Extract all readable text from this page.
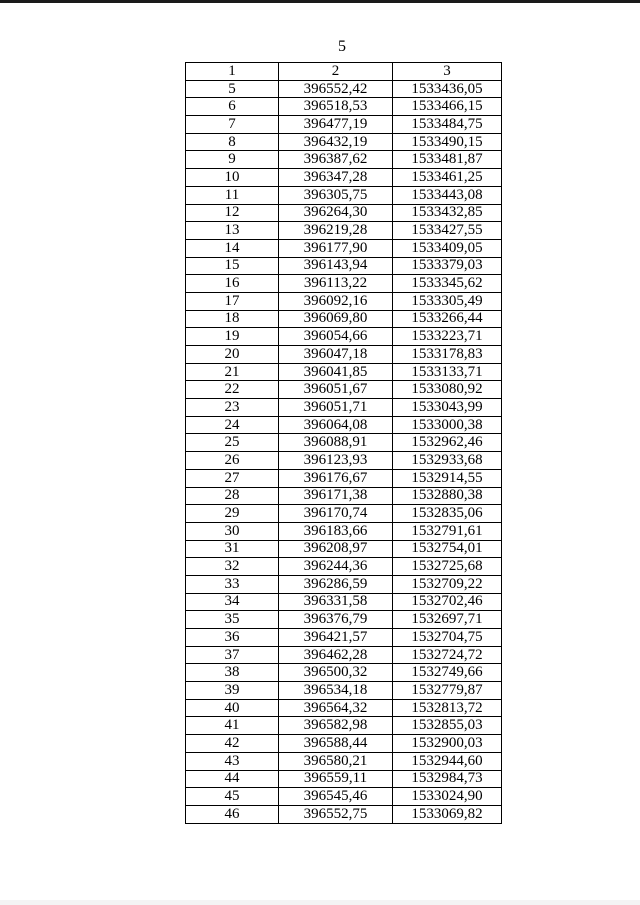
5
1	2	3
5	396552,42	1533436,05
6	396518,53	1533466,15
7	396477,19	1533484,75
8	396432,19	1533490,15
9	396387,62	1533481,87
10	396347,28	1533461,25
11	396305,75	1533443,08
12	396264,30	1533432,85
13	396219,28	1533427,55
14	396177,90	1533409,05
15	396143,94	1533379,03
16	396113,22	1533345,62
17	396092,16	1533305,49
18	396069,80	1533266,44
19	396054,66	1533223,71
20	396047,18	1533178,83
21	396041,85	1533133,71
22	396051,67	1533080,92
23	396051,71	1533043,99
24	396064,08	1533000,38
25	396088,91	1532962,46
26	396123,93	1532933,68
27	396176,67	1532914,55
28	396171,38	1532880,38
29	396170,74	1532835,06
30	396183,66	1532791,61
31	396208,97	1532754,01
32	396244,36	1532725,68
33	396286,59	1532709,22
34	396331,58	1532702,46
35	396376,79	1532697,71
36	396421,57	1532704,75
37	396462,28	1532724,72
38	396500,32	1532749,66
39	396534,18	1532779,87
40	396564,32	1532813,72
41	396582,98	1532855,03
42	396588,44	1532900,03
43	396580,21	1532944,60
44	396559,11	1532984,73
45	396545,46	1533024,90
46	396552,75	1533069,82
